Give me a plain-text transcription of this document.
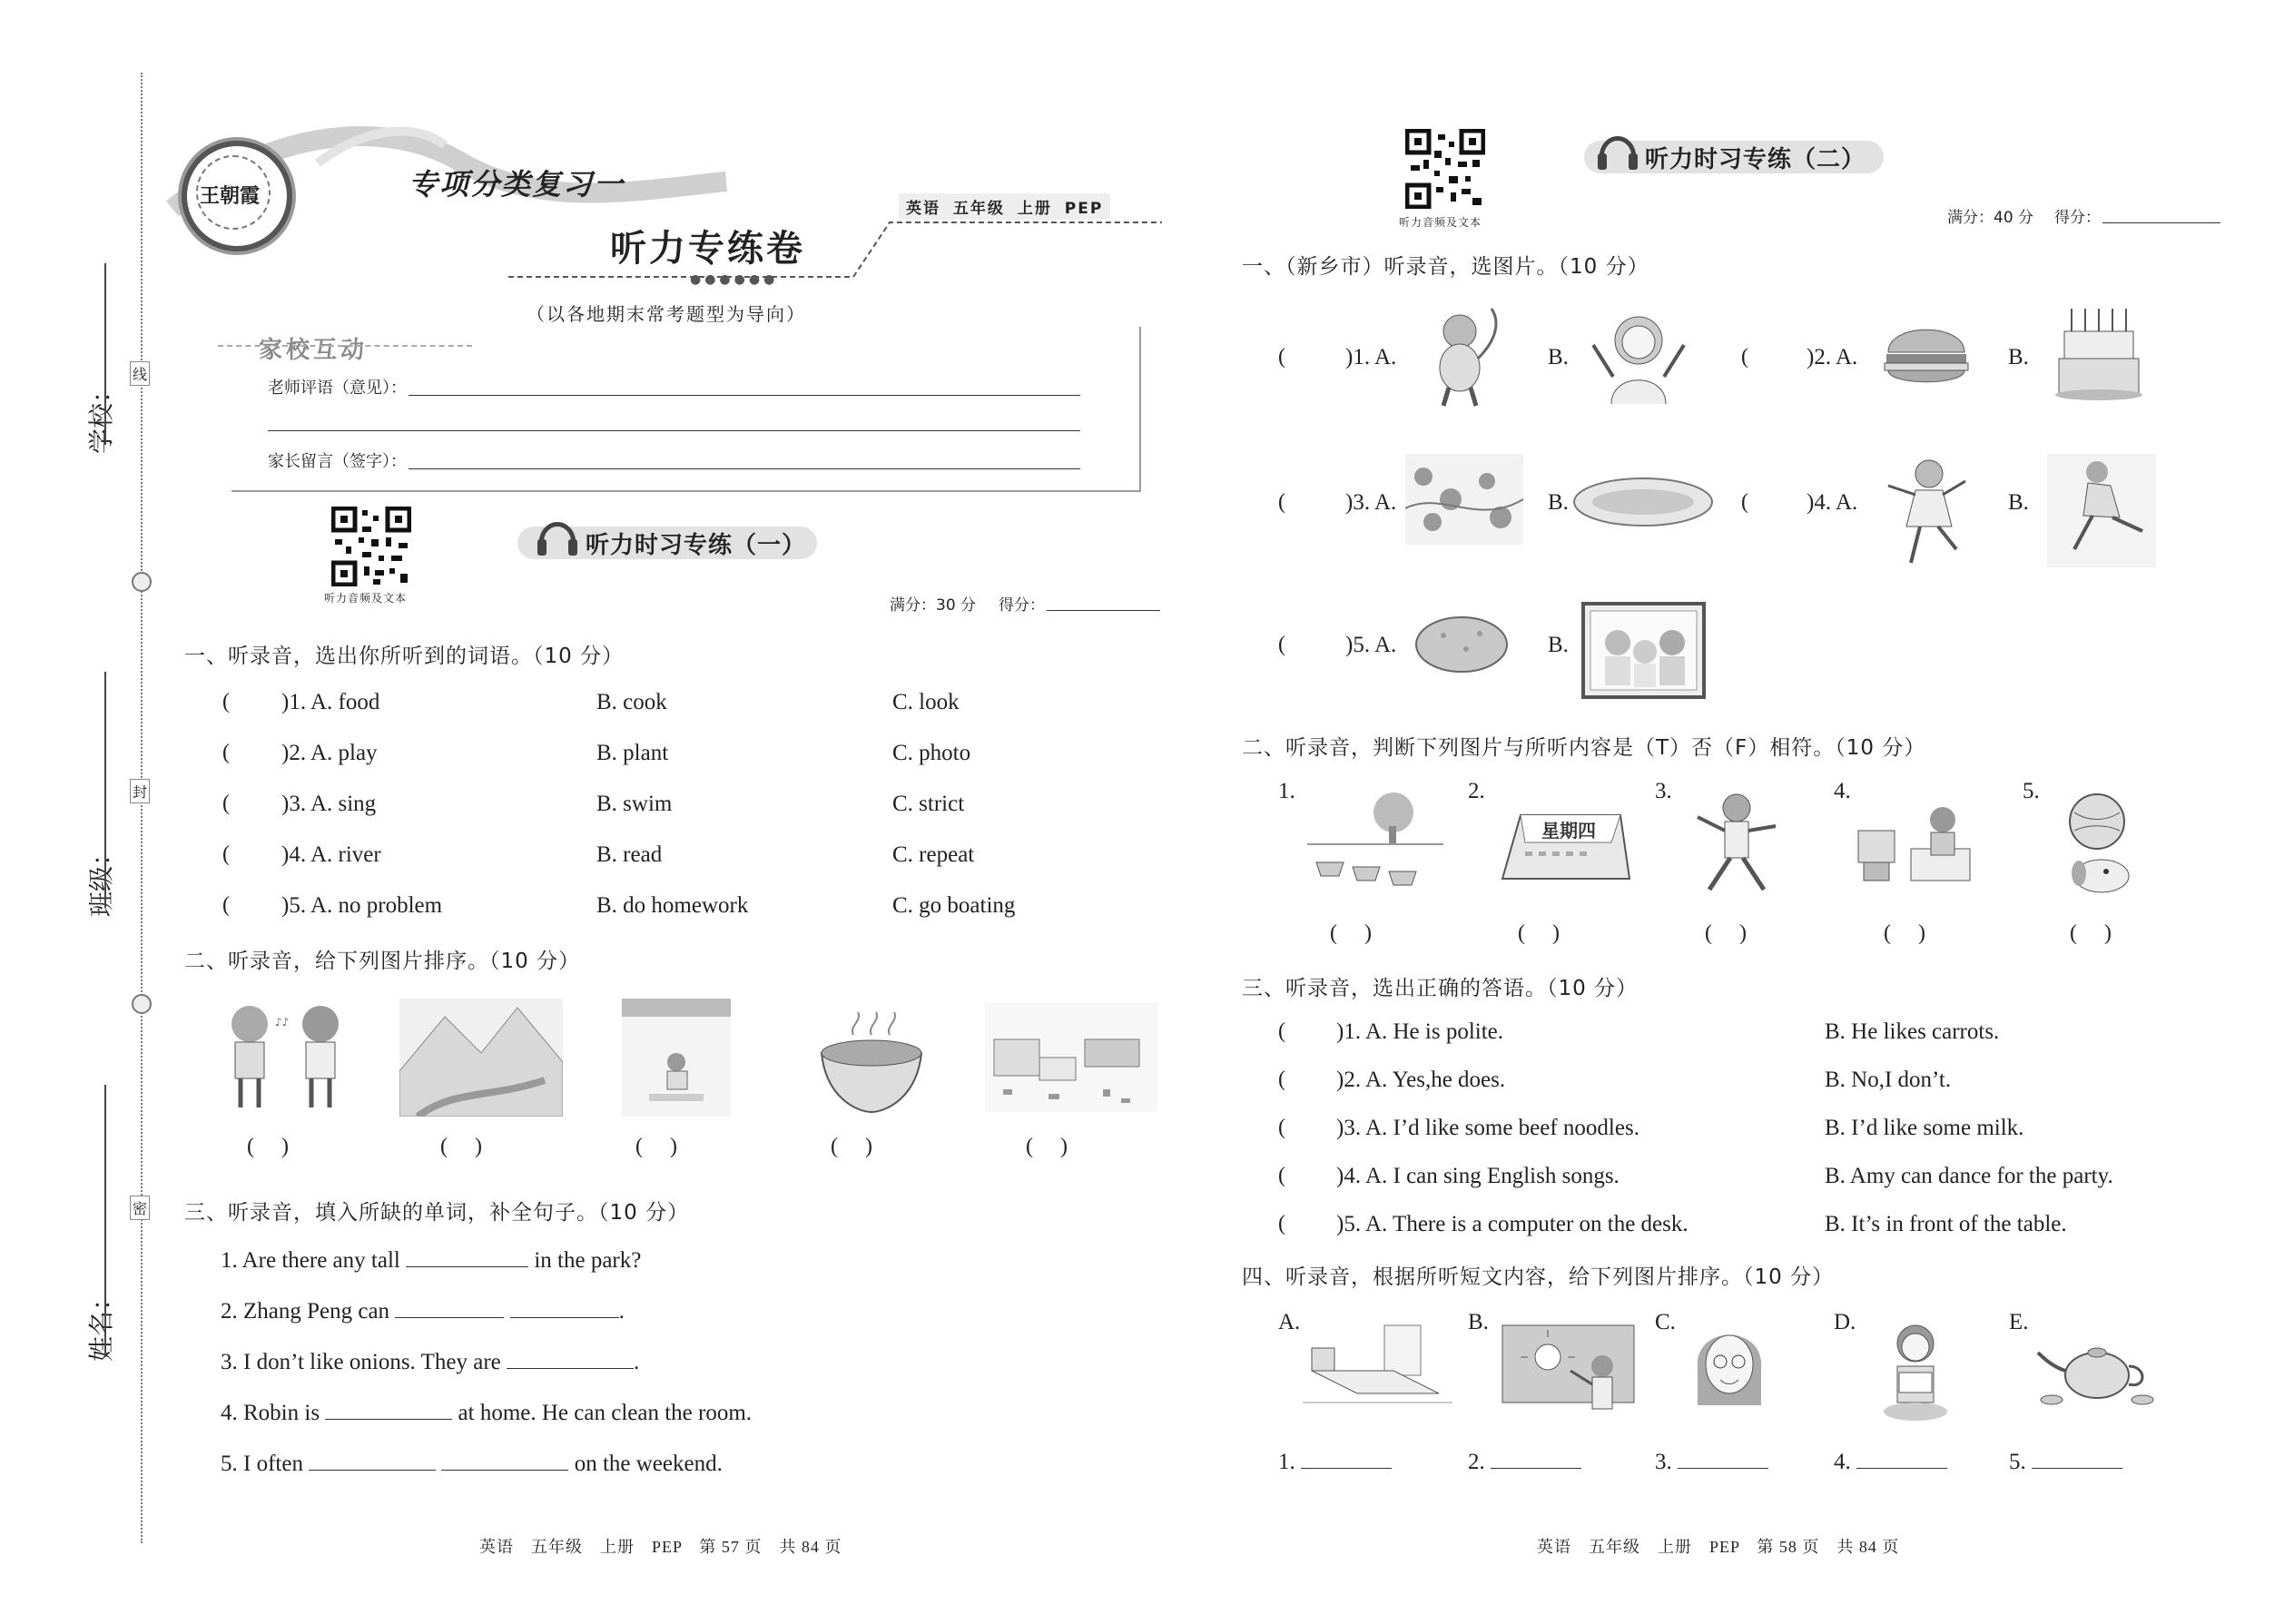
学校：
班级：
姓名：
线
封
密
王朝霞	专项分类复习一
听力专练卷
●●●●●●
英语 五年级 上册 PEP
（以各地期末常考题型为导向）
家校互动
老师评语（意见）：
家长留言（签字）：
听力音频及文本
听力时习专练（一）
满分：30 分 得分：
一、听录音，选出你所听到的词语。（10 分）
( )1. A. food	B. cook	C. look
( )2. A. play	B. plant	C. photo
( )3. A. sing	B. swim	C. strict
( )4. A. river	B. read	C. repeat
( )5. A. no problem	B. do homework	C. go boating
二、听录音，给下列图片排序。（10 分）
♪♪
()	()	()	()	()
三、听录音，填入所缺的单词，补全句子。（10 分）
1. Are there any tall	in the park?
2. Zhang Peng can	.
3. I don’t like onions. They are	.
4. Robin is	at home. He can clean the room.
5. I often	on the weekend.
英语　五年级　上册　PEP　第 57 页　共 84 页
听力音频及文本
听力时习专练（二）
满分：40 分 得分：
一、（新乡市）听录音，选图片。（10 分）
(	)1. A.	B.	(	)2. A.	B.
(	)3. A.	B.	(	)4. A.	B.
(	)5. A.	B.
二、听录音，判断下列图片与所听内容是（T）否（F）相符。（10 分）
1.	2.	3.	4.	5.
星期四
()	()	()	()	()
三、听录音，选出正确的答语。（10 分）
( )1. A. He is polite.	B. He likes carrots.
( )2. A. Yes,he does.	B. No,I don’t.
( )3. A. I’d like some beef noodles.	B. I’d like some milk.
( )4. A. I can sing English songs.	B. Amy can dance for the party.
( )5. A. There is a computer on the desk.	B. It’s in front of the table.
四、听录音，根据所听短文内容，给下列图片排序。（10 分）
A.	B.	C.	D.	E.
1.	2.	3.	4.	5.
英语　五年级　上册　PEP　第 58 页　共 84 页
